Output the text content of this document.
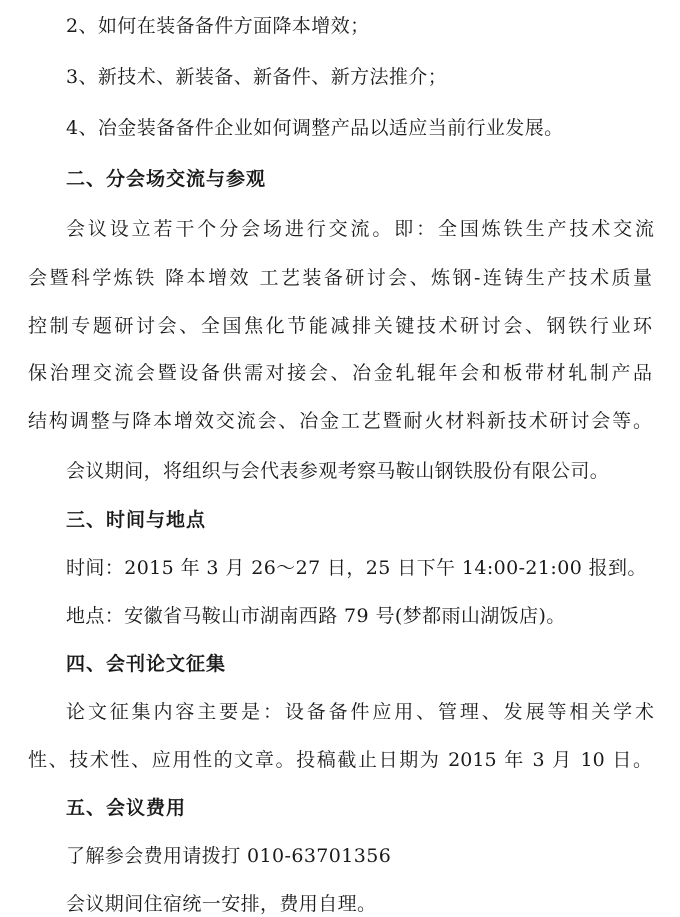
2、如何在装备备件方面降本增效；
3、新技术、新装备、新备件、新方法推介；
4、冶金装备备件企业如何调整产品以适应当前行业发展。
二、分会场交流与参观
会议设立若干个分会场进行交流。即：全国炼铁生产技术交流
会暨科学炼铁 降本增效 工艺装备研讨会、炼钢-连铸生产技术质量
控制专题研讨会、全国焦化节能减排关键技术研讨会、钢铁行业环
保治理交流会暨设备供需对接会、冶金轧辊年会和板带材轧制产品
结构调整与降本增效交流会、冶金工艺暨耐火材料新技术研讨会等。
会议期间，将组织与会代表参观考察马鞍山钢铁股份有限公司。
三、时间与地点
时间：2015 年 3 月 26～27 日，25 日下午 14:00-21:00 报到。
地点：安徽省马鞍山市湖南西路 79 号(梦都雨山湖饭店)。
四、会刊论文征集
论文征集内容主要是：设备备件应用、管理、发展等相关学术
性、技术性、应用性的文章。投稿截止日期为 2015 年 3 月 10 日。
五、会议费用
了解参会费用请拨打 010-63701356
会议期间住宿统一安排，费用自理。
